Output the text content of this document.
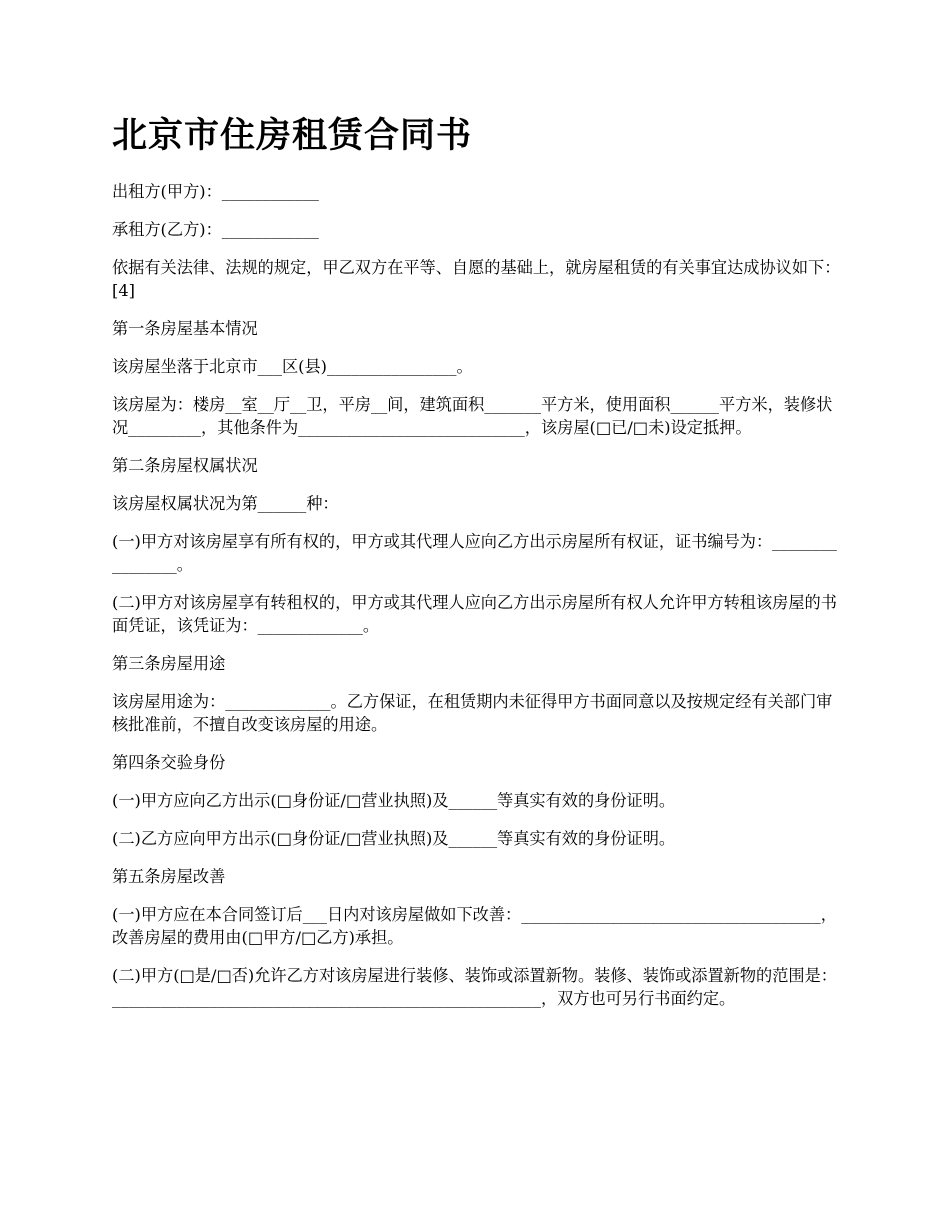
北京市住房租赁合同书

出租方(甲方)：____________

承租方(乙方)：____________

依据有关法律、法规的规定，甲乙双方在平等、自愿的基础上，就房屋租赁的有关事宜达成协议如下：[4]

第一条房屋基本情况

该房屋坐落于北京市___区(县)________________。

该房屋为：楼房__室__厅__卫，平房__间，建筑面积_______平方米，使用面积______平方米，装修状况_________，其他条件为____________________________，该房屋(□已/□未)设定抵押。

第二条房屋权属状况

该房屋权属状况为第______种：

(一)甲方对该房屋享有所有权的，甲方或其代理人应向乙方出示房屋所有权证，证书编号为：________________。

(二)甲方对该房屋享有转租权的，甲方或其代理人应向乙方出示房屋所有权人允许甲方转租该房屋的书面凭证，该凭证为：_____________。

第三条房屋用途

该房屋用途为：_____________。乙方保证，在租赁期内未征得甲方书面同意以及按规定经有关部门审核批准前，不擅自改变该房屋的用途。

第四条交验身份

(一)甲方应向乙方出示(□身份证/□营业执照)及______等真实有效的身份证明。

(二)乙方应向甲方出示(□身份证/□营业执照)及______等真实有效的身份证明。

第五条房屋改善

(一)甲方应在本合同签订后___日内对该房屋做如下改善：_____________________________________，改善房屋的费用由(□甲方/□乙方)承担。

(二)甲方(□是/□否)允许乙方对该房屋进行装修、装饰或添置新物。装修、装饰或添置新物的范围是：_____________________________________________________，双方也可另行书面约定。
